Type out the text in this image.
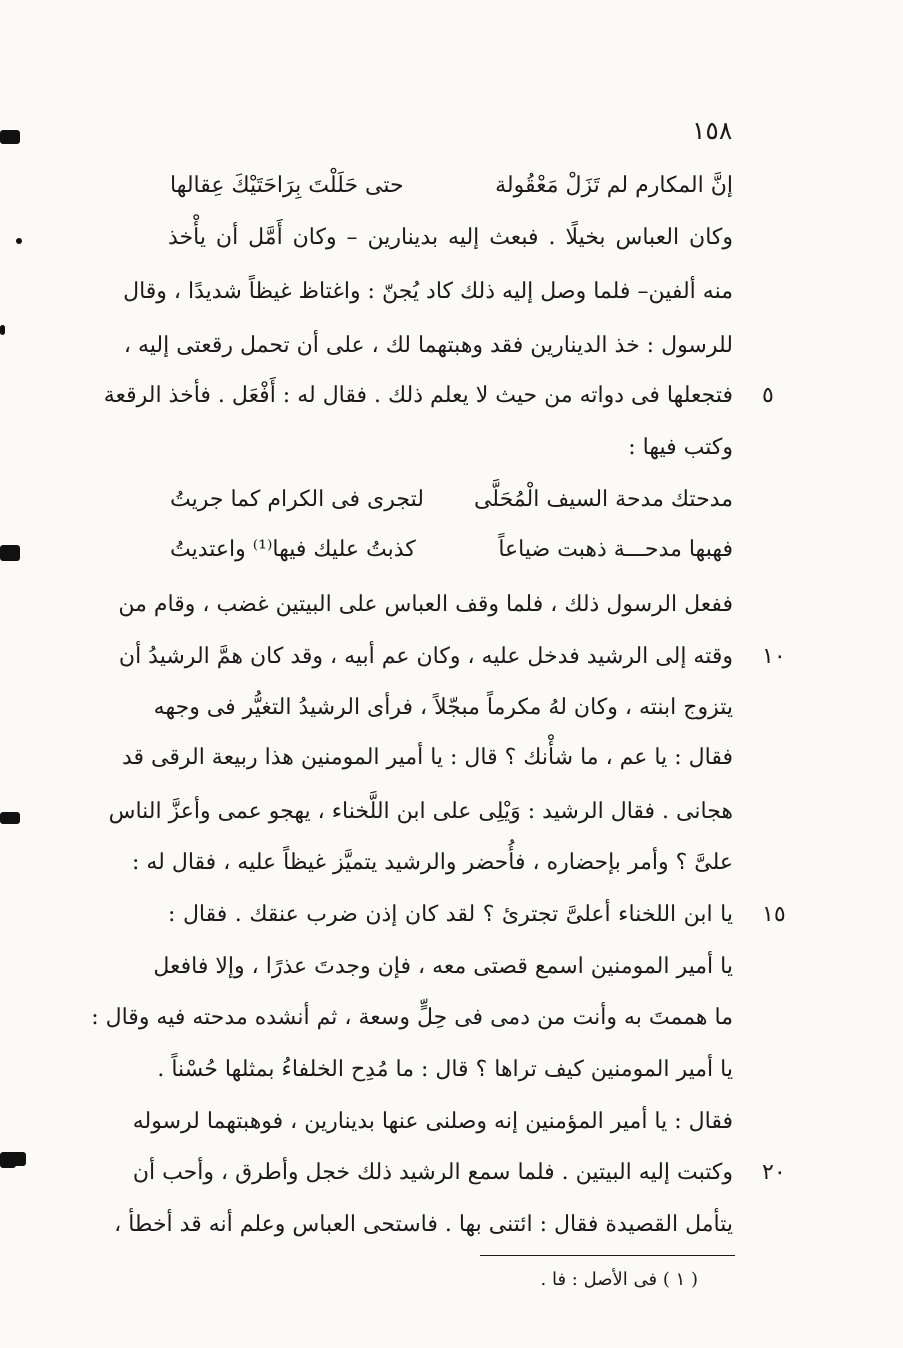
١٥٨
إنَّ المكارم لم تَزَلْ مَعْقُولة
حتى حَلَلْتَ بِرَاحَتَيْكَ عِقالها
وكان العباس بخيلًا . فبعث إليه بدينارين – وكان أَمَّل أن يأْخذ
منه ألفين– فلما وصل إليه ذلك كاد يُجنّ : واغتاظ غيظاً شديدًا ، وقال
للرسول : خذ الدينارين فقد وهبتهما لك ، على أن تحمل رقعتى إليه ،
فتجعلها فى دواته من حيث لا يعلم ذلك . فقال له : أَفْعَل . فأخذ الرقعة
وكتب فيها :
مدحتك مدحة السيف الْمُحَلَّى
لتجرى فى الكرام كما جريتُ
فهبها مدحـــة ذهبت ضياعاً
كذبتُ عليك فيها⁽¹⁾ واعتديتُ
ففعل الرسول ذلك ، فلما وقف العباس على البيتين غضب ، وقام من
وقته إلى الرشيد فدخل عليه ، وكان عم أبيه ، وقد كان همَّ الرشيدُ أن
يتزوج ابنته ، وكان لهُ مكرماً مبجّلاً ، فرأى الرشيدُ التغيُّر فى وجهه
فقال : يا عم ، ما شأْنك ؟ قال : يا أمير المومنين هذا ربيعة الرقى قد
هجانى . فقال الرشيد : وَيْلِى على ابن اللَّخناء ، يهجو عمى وأعزَّ الناس
علىَّ ؟ وأمر بإحضاره ، فأُحضر والرشيد يتميَّز غيظاً عليه ، فقال له :
يا ابن اللخناء أعلىَّ تجترئ ؟ لقد كان إذن ضرب عنقك . فقال :
يا أمير المومنين اسمع قصتى معه ، فإن وجدتَ عذرًا ، وإلا فافعل
ما هممتَ به وأنت من دمى فى حِلٍّ وسعة ، ثم أنشده مدحته فيه وقال :
يا أمير المومنين كيف تراها ؟ قال : ما مُدِح الخلفاءُ بمثلها حُسْناً .
فقال : يا أمير المؤمنين إنه وصلنى عنها بدينارين ، فوهبتهما لرسوله
وكتبت إليه البيتين . فلما سمع الرشيد ذلك خجل وأطرق ، وأحب أن
يتأمل القصيدة فقال : ائتنى بها . فاستحى العباس وعلم أنه قد أخطأ ،
٥
١٠
١٥
٢٠
( ١ ) فى الأصل : فا .
